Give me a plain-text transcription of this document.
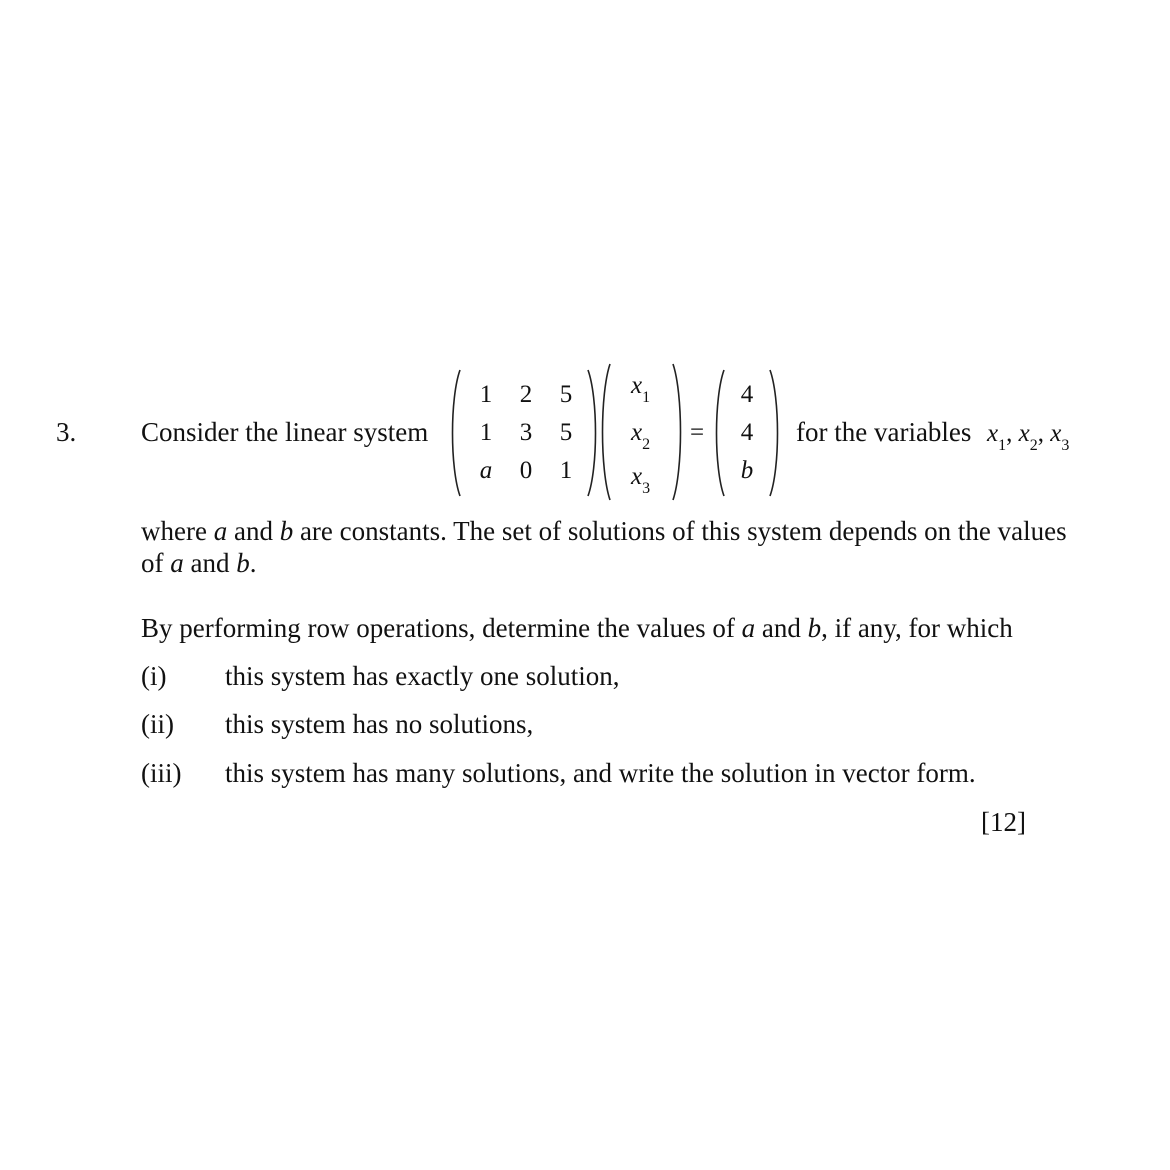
3. Consider the linear system
1	2	5
1	3	5
a	0	1
$x_1$
$x_2$
$x_3$
=
4
4
b
for the variables $x_1$, $x_2$, $x_3$
where a and b are constants. The set of solutions of this system depends on the values
of a and b.
By performing row operations, determine the values of a and b, if any, for which
(i) this system has exactly one solution,
(ii) this system has no solutions,
(iii) this system has many solutions, and write the solution in vector form.
[12]
